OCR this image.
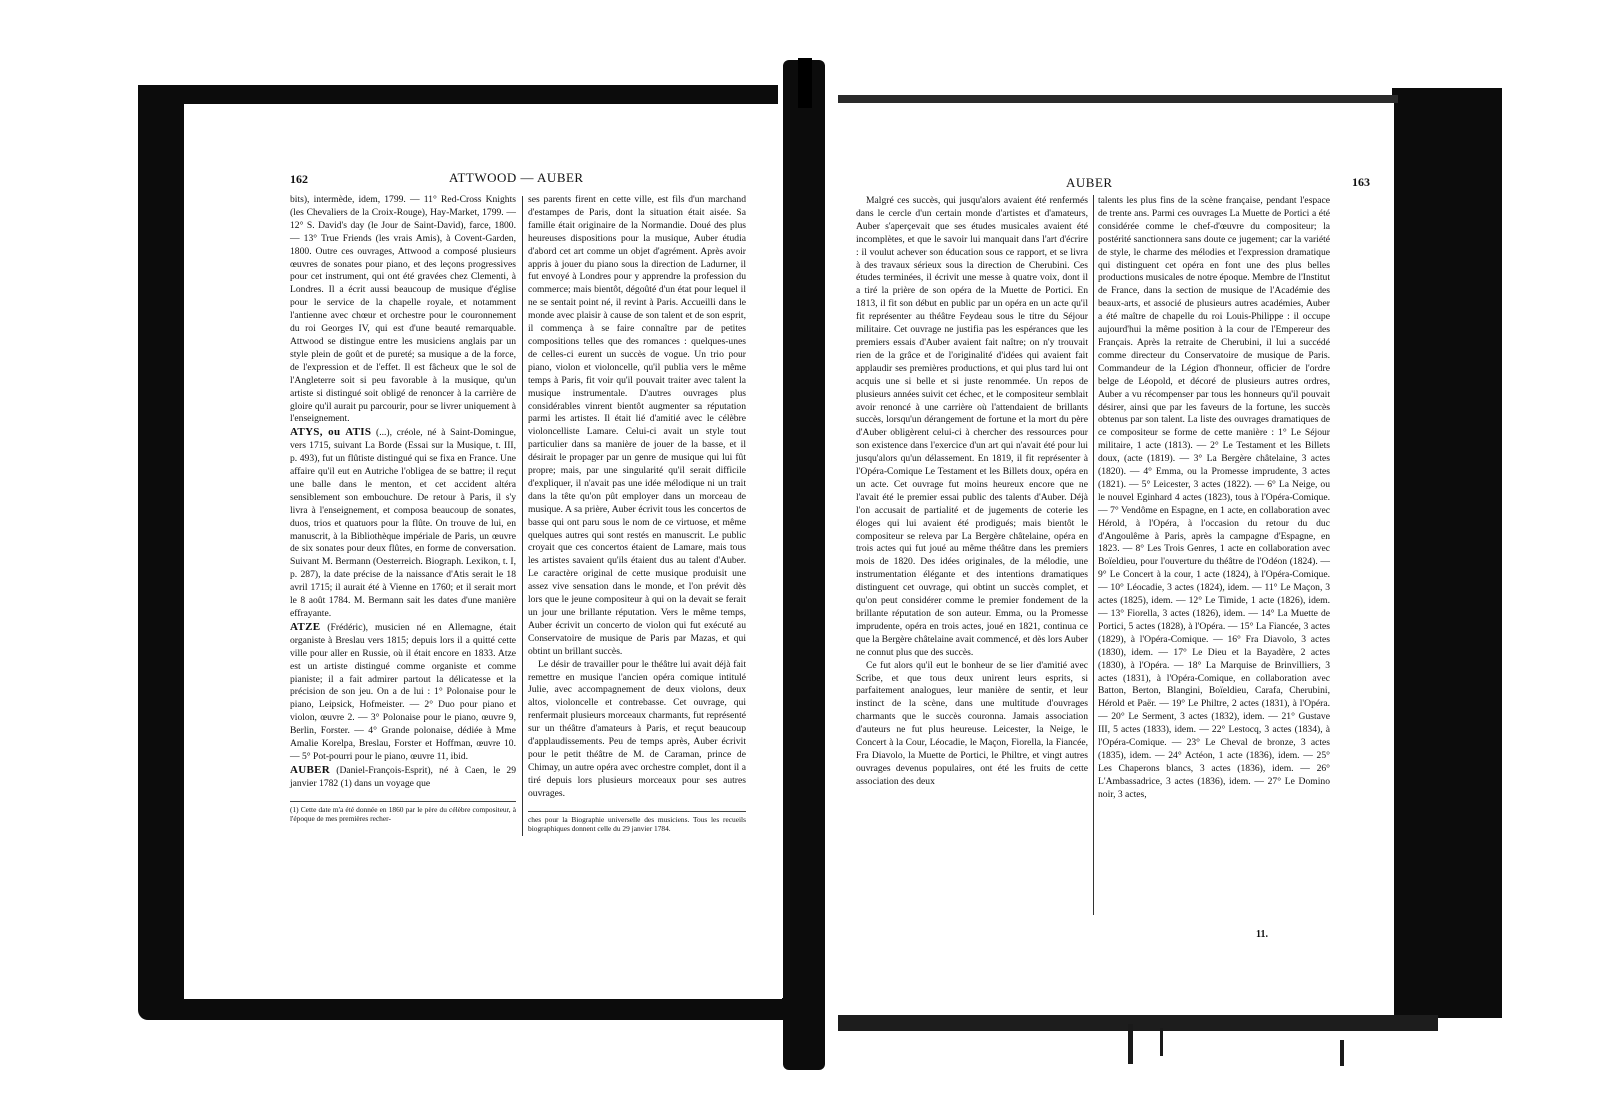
162	ATTWOOD — AUBER

bits), intermède, idem, 1799. — 11° Red-Cross Knights (les Chevaliers de la Croix-Rouge), Hay-Market, 1799. — 12° S. David's day (le Jour de Saint-David), farce, 1800. — 13° True Friends (les vrais Amis), à Covent-Garden, 1800. Outre ces ouvrages, Attwood a composé plusieurs œuvres de sonates pour piano, et des leçons progressives pour cet instrument, qui ont été gravées chez Clementi, à Londres. Il a écrit aussi beaucoup de musique d'église pour le service de la chapelle royale, et notamment l'antienne avec chœur et orchestre pour le couronnement du roi Georges IV, qui est d'une beauté remarquable. Attwood se distingue entre les musiciens anglais par un style plein de goût et de pureté; sa musique a de la force, de l'expression et de l'effet. Il est fâcheux que le sol de l'Angleterre soit si peu favorable à la musique, qu'un artiste si distingué soit obligé de renoncer à la carrière de gloire qu'il aurait pu parcourir, pour se livrer uniquement à l'enseignement.

ATYS, ou ATIS (...), créole, né à Saint-Domingue, vers 1715, suivant La Borde (Essai sur la Musique, t. III, p. 493), fut un flûtiste distingué qui se fixa en France. Une affaire qu'il eut en Autriche l'obligea de se battre; il reçut une balle dans le menton, et cet accident altéra sensiblement son embouchure. De retour à Paris, il s'y livra à l'enseignement, et composa beaucoup de sonates, duos, trios et quatuors pour la flûte. On trouve de lui, en manuscrit, à la Bibliothèque impériale de Paris, un œuvre de six sonates pour deux flûtes, en forme de conversation. Suivant M. Bermann (Oesterreich. Biograph. Lexikon, t. I, p. 287), la date précise de la naissance d'Atis serait le 18 avril 1715; il aurait été à Vienne en 1760; et il serait mort le 8 août 1784. M. Bermann sait les dates d'une manière effrayante.

ATZE (Frédéric), musicien né en Allemagne, était organiste à Breslau vers 1815; depuis lors il a quitté cette ville pour aller en Russie, où il était encore en 1833. Atze est un artiste distingué comme organiste et comme pianiste; il a fait admirer partout la délicatesse et la précision de son jeu. On a de lui : 1° Polonaise pour le piano, Leipsick, Hofmeister. — 2° Duo pour piano et violon, œuvre 2. — 3° Polonaise pour le piano, œuvre 9, Berlin, Forster. — 4° Grande polonaise, dédiée à Mme Amalie Korelpa, Breslau, Forster et Hoffman, œuvre 10. — 5° Pot-pourri pour le piano, œuvre 11, ibid.

AUBER (Daniel-François-Esprit), né à Caen, le 29 janvier 1782 (1) dans un voyage que

(1) Cette date m'a été donnée en 1860 par le père du célèbre compositeur, à l'époque de mes premières recher-

ses parents firent en cette ville, est fils d'un marchand d'estampes de Paris, dont la situation était aisée. Sa famille était originaire de la Normandie. Doué des plus heureuses dispositions pour la musique, Auber étudia d'abord cet art comme un objet d'agrément. Après avoir appris à jouer du piano sous la direction de Ladurner, il fut envoyé à Londres pour y apprendre la profession du commerce; mais bientôt, dégoûté d'un état pour lequel il ne se sentait point né, il revint à Paris. Accueilli dans le monde avec plaisir à cause de son talent et de son esprit, il commença à se faire connaître par de petites compositions telles que des romances : quelques-unes de celles-ci eurent un succès de vogue. Un trio pour piano, violon et violoncelle, qu'il publia vers le même temps à Paris, fit voir qu'il pouvait traiter avec talent la musique instrumentale. D'autres ouvrages plus considérables vinrent bientôt augmenter sa réputation parmi les artistes. Il était lié d'amitié avec le célèbre violoncelliste Lamare. Celui-ci avait un style tout particulier dans sa manière de jouer de la basse, et il désirait le propager par un genre de musique qui lui fût propre; mais, par une singularité qu'il serait difficile d'expliquer, il n'avait pas une idée mélodique ni un trait dans la tête qu'on pût employer dans un morceau de musique. A sa prière, Auber écrivit tous les concertos de basse qui ont paru sous le nom de ce virtuose, et même quelques autres qui sont restés en manuscrit. Le public croyait que ces concertos étaient de Lamare, mais tous les artistes savaient qu'ils étaient dus au talent d'Auber. Le caractère original de cette musique produisit une assez vive sensation dans le monde, et l'on prévit dès lors que le jeune compositeur à qui on la devait se ferait un jour une brillante réputation. Vers le même temps, Auber écrivit un concerto de violon qui fut exécuté au Conservatoire de musique de Paris par Mazas, et qui obtint un brillant succès.

Le désir de travailler pour le théâtre lui avait déjà fait remettre en musique l'ancien opéra comique intitulé Julie, avec accompagnement de deux violons, deux altos, violoncelle et contrebasse. Cet ouvrage, qui renfermait plusieurs morceaux charmants, fut représenté sur un théâtre d'amateurs à Paris, et reçut beaucoup d'applaudissements. Peu de temps après, Auber écrivit pour le petit théâtre de M. de Caraman, prince de Chimay, un autre opéra avec orchestre complet, dont il a tiré depuis lors plusieurs morceaux pour ses autres ouvrages.

ches pour la Biographie universelle des musiciens. Tous les recueils biographiques donnent celle du 29 janvier 1784.
AUBER	163

Malgré ces succès, qui jusqu'alors avaient été renfermés dans le cercle d'un certain monde d'artistes et d'amateurs, Auber s'aperçevait que ses études musicales avaient été incomplètes, et que le savoir lui manquait dans l'art d'écrire : il voulut achever son éducation sous ce rapport, et se livra à des travaux sérieux sous la direction de Cherubini. Ces études terminées, il écrivit une messe à quatre voix, dont il a tiré la prière de son opéra de la Muette de Portici. En 1813, il fit son début en public par un opéra en un acte qu'il fit représenter au théâtre Feydeau sous le titre du Séjour militaire. Cet ouvrage ne justifia pas les espérances que les premiers essais d'Auber avaient fait naître; on n'y trouvait rien de la grâce et de l'originalité d'idées qui avaient fait applaudir ses premières productions, et qui plus tard lui ont acquis une si belle et si juste renommée. Un repos de plusieurs années suivit cet échec, et le compositeur semblait avoir renoncé à une carrière où l'attendaient de brillants succès, lorsqu'un dérangement de fortune et la mort du père d'Auber obligèrent celui-ci à chercher des ressources pour son existence dans l'exercice d'un art qui n'avait été pour lui jusqu'alors qu'un délassement. En 1819, il fit représenter à l'Opéra-Comique Le Testament et les Billets doux, opéra en un acte. Cet ouvrage fut moins heureux encore que ne l'avait été le premier essai public des talents d'Auber. Déjà l'on accusait de partialité et de jugements de coterie les éloges qui lui avaient été prodigués; mais bientôt le compositeur se releva par La Bergère châtelaine, opéra en trois actes qui fut joué au même théâtre dans les premiers mois de 1820. Des idées originales, de la mélodie, une instrumentation élégante et des intentions dramatiques distinguent cet ouvrage, qui obtint un succès complet, et qu'on peut considérer comme le premier fondement de la brillante réputation de son auteur. Emma, ou la Promesse imprudente, opéra en trois actes, joué en 1821, continua ce que la Bergère châtelaine avait commencé, et dès lors Auber ne connut plus que des succès.

Ce fut alors qu'il eut le bonheur de se lier d'amitié avec Scribe, et que tous deux unirent leurs esprits, si parfaitement analogues, leur manière de sentir, et leur instinct de la scène, dans une multitude d'ouvrages charmants que le succès couronna. Jamais association d'auteurs ne fut plus heureuse. Leicester, la Neige, le Concert à la Cour, Léocadie, le Maçon, Fiorella, la Fiancée, Fra Diavolo, la Muette de Portici, le Philtre, et vingt autres ouvrages devenus populaires, ont été les fruits de cette association des deux

talents les plus fins de la scène française, pendant l'espace de trente ans. Parmi ces ouvrages La Muette de Portici a été considérée comme le chef-d'œuvre du compositeur; la postérité sanctionnera sans doute ce jugement; car la variété de style, le charme des mélodies et l'expression dramatique qui distinguent cet opéra en font une des plus belles productions musicales de notre époque. Membre de l'Institut de France, dans la section de musique de l'Académie des beaux-arts, et associé de plusieurs autres académies, Auber a été maître de chapelle du roi Louis-Philippe : il occupe aujourd'hui la même position à la cour de l'Empereur des Français. Après la retraite de Cherubini, il lui a succédé comme directeur du Conservatoire de musique de Paris. Commandeur de la Légion d'honneur, officier de l'ordre belge de Léopold, et décoré de plusieurs autres ordres, Auber a vu récompenser par tous les honneurs qu'il pouvait désirer, ainsi que par les faveurs de la fortune, les succès obtenus par son talent. La liste des ouvrages dramatiques de ce compositeur se forme de cette manière : 1° Le Séjour militaire, 1 acte (1813). — 2° Le Testament et les Billets doux, (acte (1819). — 3° La Bergère châtelaine, 3 actes (1820). — 4° Emma, ou la Promesse imprudente, 3 actes (1821). — 5° Leicester, 3 actes (1822). — 6° La Neige, ou le nouvel Eginhard 4 actes (1823), tous à l'Opéra-Comique. — 7° Vendôme en Espagne, en 1 acte, en collaboration avec Hérold, à l'Opéra, à l'occasion du retour du duc d'Angoulême à Paris, après la campagne d'Espagne, en 1823. — 8° Les Trois Genres, 1 acte en collaboration avec Boïeldieu, pour l'ouverture du théâtre de l'Odéon (1824). — 9° Le Concert à la cour, 1 acte (1824), à l'Opéra-Comique. — 10° Léocadie, 3 actes (1824), idem. — 11° Le Maçon, 3 actes (1825), idem. — 12° Le Timide, 1 acte (1826), idem. — 13° Fiorella, 3 actes (1826), idem. — 14° La Muette de Portici, 5 actes (1828), à l'Opéra. — 15° La Fiancée, 3 actes (1829), à l'Opéra-Comique. — 16° Fra Diavolo, 3 actes (1830), idem. — 17° Le Dieu et la Bayadère, 2 actes (1830), à l'Opéra. — 18° La Marquise de Brinvilliers, 3 actes (1831), à l'Opéra-Comique, en collaboration avec Batton, Berton, Blangini, Boïeldieu, Carafa, Cherubini, Hérold et Paër. — 19° Le Philtre, 2 actes (1831), à l'Opéra. — 20° Le Serment, 3 actes (1832), idem. — 21° Gustave III, 5 actes (1833), idem. — 22° Lestocq, 3 actes (1834), à l'Opéra-Comique. — 23° Le Cheval de bronze, 3 actes (1835), idem. — 24° Actéon, 1 acte (1836), idem. — 25° Les Chaperons blancs, 3 actes (1836), idem. — 26° L'Ambassadrice, 3 actes (1836), idem. — 27° Le Domino noir, 3 actes,

11.
